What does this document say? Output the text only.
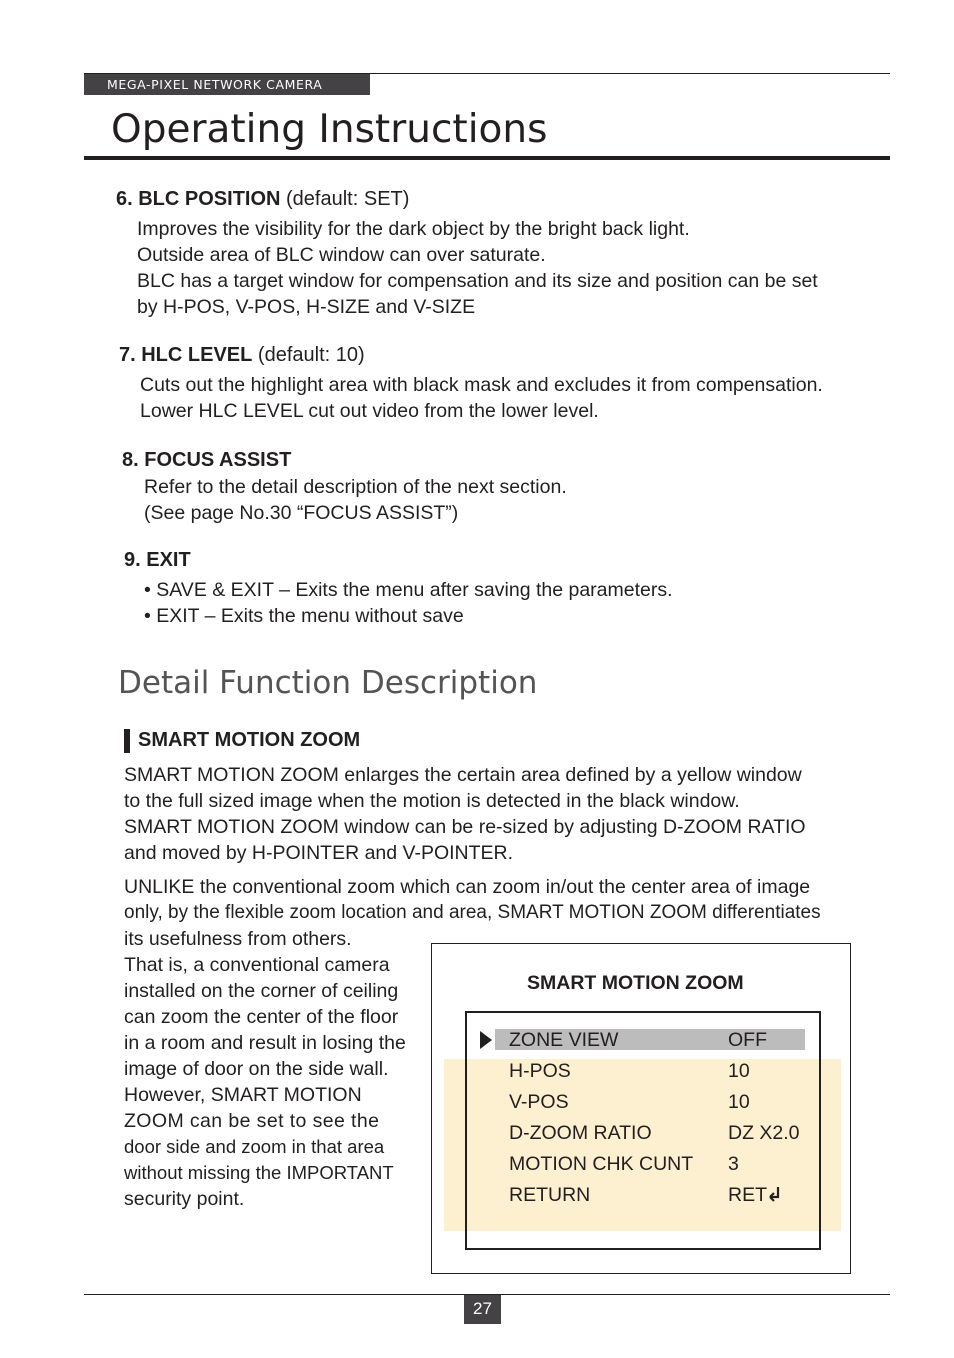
MEGA-PIXEL NETWORK CAMERA
Operating Instructions
6. BLC POSITION (default: SET)
Improves the visibility for the dark object by the bright back light.
Outside area of BLC window can over saturate.
BLC has a target window for compensation and its size and position can be set
by H-POS, V-POS, H-SIZE and V-SIZE
7. HLC LEVEL (default: 10)
Cuts out the highlight area with black mask and excludes it from compensation.
Lower HLC LEVEL cut out video from the lower level.
8. FOCUS ASSIST
Refer to the detail description of the next section.
(See page No.30 “FOCUS ASSIST”)
9. EXIT
• SAVE & EXIT – Exits the menu after saving the parameters.
• EXIT – Exits the menu without save
Detail Function Description
SMART MOTION ZOOM
SMART MOTION ZOOM enlarges the certain area defined by a yellow window
to the full sized image when the motion is detected in the black window.
SMART MOTION ZOOM window can be re-sized by adjusting D-ZOOM RATIO
and moved by H-POINTER and V-POINTER.
UNLIKE the conventional zoom which can zoom in/out the center area of image
only, by the flexible zoom location and area, SMART MOTION ZOOM differentiates
its usefulness from others.
That is, a conventional camera
installed on the corner of ceiling
can zoom the center of the floor
in a room and result in losing the
image of door on the side wall.
However, SMART MOTION
ZOOM can be set to see the
door side and zoom in that area
without missing the IMPORTANT
security point.
SMART MOTION ZOOM
ZONE VIEW	OFF
H-POS	10
V-POS	10
D-ZOOM RATIO	DZ X2.0
MOTION CHK CUNT 3
RETURN	RET
27
